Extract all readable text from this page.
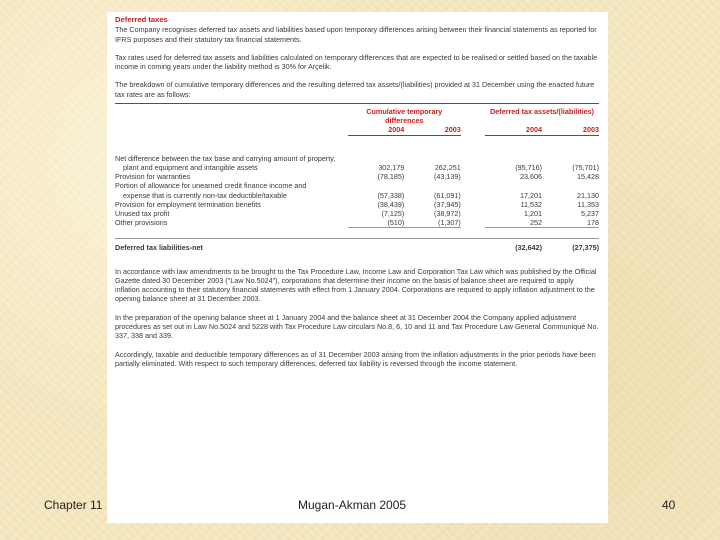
Deferred taxes
The Company recognises deferred tax assets and liabilities based upon temporary differences arising between their financial statements as reported for IFRS purposes and their statutory tax financial statements.
Tax rates used for deferred tax assets and liabilities calculated on temporary differences that are expected to be realised or settled based on the taxable income in coming years under the liability method is 30% for Arçelik.
The breakdown of cumulative temporary differences and the resulting deferred tax assets/(liabilities) provided at 31 December using the enacted future tax rates are as follows:
	Cumulative temporary differences			Deferred tax assets/(liabilities)	
	2004	2003		2004	2003

Net difference between the tax base and carrying amount of property,					
plant and equipment and intangible assets	302,179	262,251		(95,716)	(75,701)
Provision for warranties	(78,185)	(43,139)		23,606	15,428
Portion of allowance for unearned credit finance income and					
expense that is currently non-tax deductible/taxable	(57,338)	(61,091)		17,201	21,130
Provision for employment termination benefits	(38,439)	(37,945)		11,532	11,353
Unused tax profit	(7,125)	(38,972)		1,201	5,237
Other provisions	(510)	(1,307)		252	178

Deferred tax liabilities-net				(32,642)	(27,375)
In accordance with law amendments to be brought to the Tax Procedure Law, Income Law and Corporation Tax Law which was published by the Official Gazette dated 30 December 2003 ("Law No.5024"), corporations that determine their income on the basis of balance sheet are required to apply inflation accounting to their statutory financial statements with effect from 1 January 2004. Corporations are required to apply inflation adjustment to the opening balance sheet at 31 December 2003.
In the preparation of the opening balance sheet at 1 January 2004 and the balance sheet at 31 December 2004 the Company applied adjustment procedures as set out in Law No.5024 and 5228 with Tax Procedure Law circulars No.8, 6, 10 and 11 and Tax Procedure Law General Communiqué No. 337, 338 and 339.
Accordingly, taxable and deductible temporary differences as of 31 December 2003 arising from the inflation adjustments in the prior periods have been partially eliminated. With respect to such temporary differences, deferred tax liability is reversed through the income statement.
Chapter 11	Mugan-Akman 2005	40
